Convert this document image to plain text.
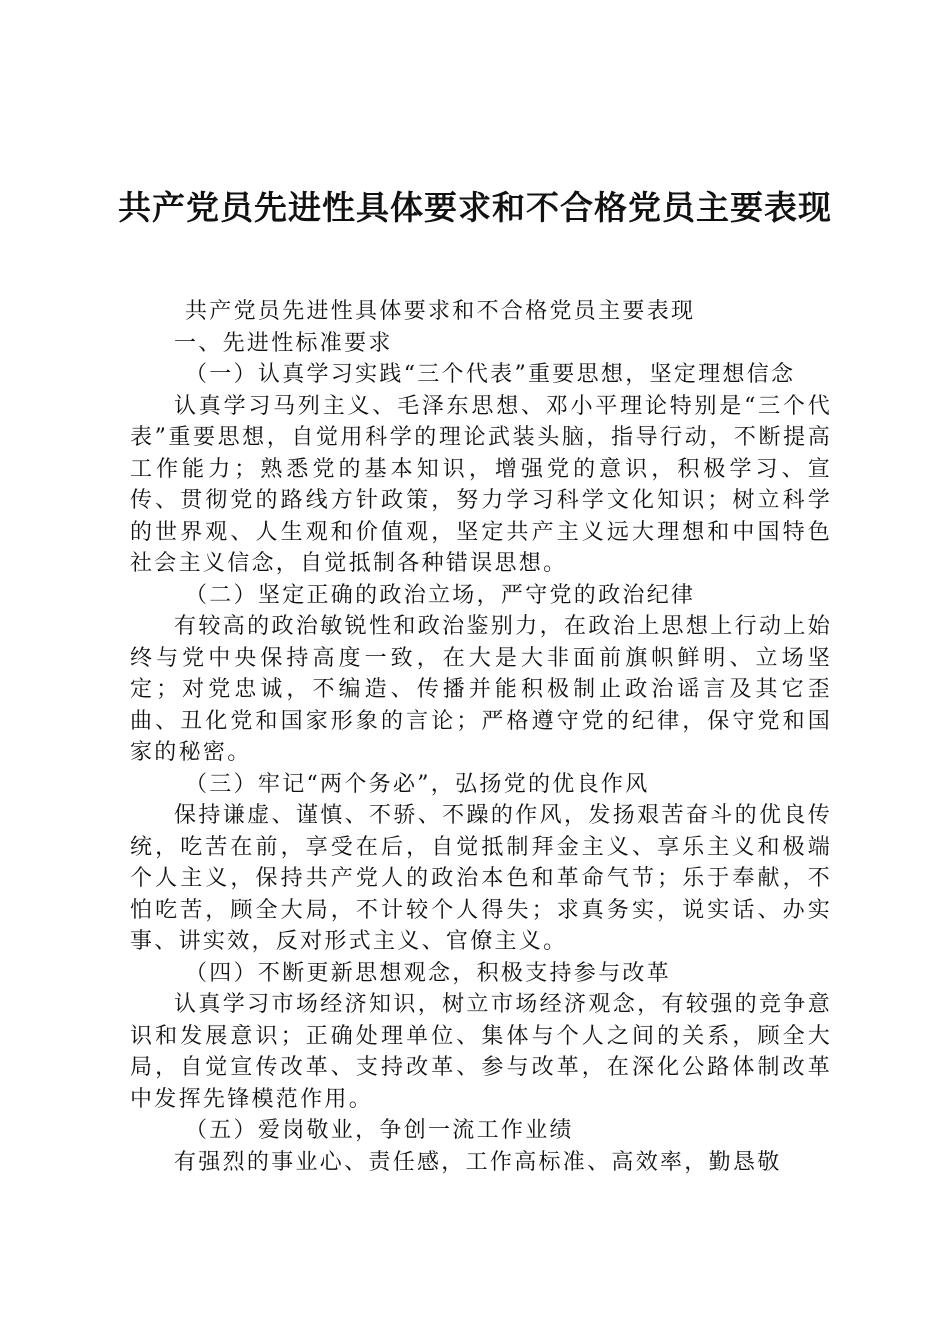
共产党员先进性具体要求和不合格党员主要表现

共产党员先进性具体要求和不合格党员主要表现

一、先进性标准要求

（一）认真学习实践“三个代表”重要思想，坚定理想信念

认真学习马列主义、毛泽东思想、邓小平理论特别是“三个代表”重要思想，自觉用科学的理论武装头脑，指导行动，不断提高工作能力；熟悉党的基本知识，增强党的意识，积极学习、宣传、贯彻党的路线方针政策，努力学习科学文化知识；树立科学的世界观、人生观和价值观，坚定共产主义远大理想和中国特色社会主义信念，自觉抵制各种错误思想。

（二）坚定正确的政治立场，严守党的政治纪律

有较高的政治敏锐性和政治鉴别力，在政治上思想上行动上始终与党中央保持高度一致，在大是大非面前旗帜鲜明、立场坚定；对党忠诚，不编造、传播并能积极制止政治谣言及其它歪曲、丑化党和国家形象的言论；严格遵守党的纪律，保守党和国家的秘密。

（三）牢记“两个务必”，弘扬党的优良作风

保持谦虚、谨慎、不骄、不躁的作风，发扬艰苦奋斗的优良传统，吃苦在前，享受在后，自觉抵制拜金主义、享乐主义和极端个人主义，保持共产党人的政治本色和革命气节；乐于奉献，不怕吃苦，顾全大局，不计较个人得失；求真务实，说实话、办实事、讲实效，反对形式主义、官僚主义。

（四）不断更新思想观念，积极支持参与改革

认真学习市场经济知识，树立市场经济观念，有较强的竞争意识和发展意识；正确处理单位、集体与个人之间的关系，顾全大局，自觉宣传改革、支持改革、参与改革，在深化公路体制改革中发挥先锋模范作用。

（五）爱岗敬业，争创一流工作业绩

有强烈的事业心、责任感，工作高标准、高效率，勤恳敬
